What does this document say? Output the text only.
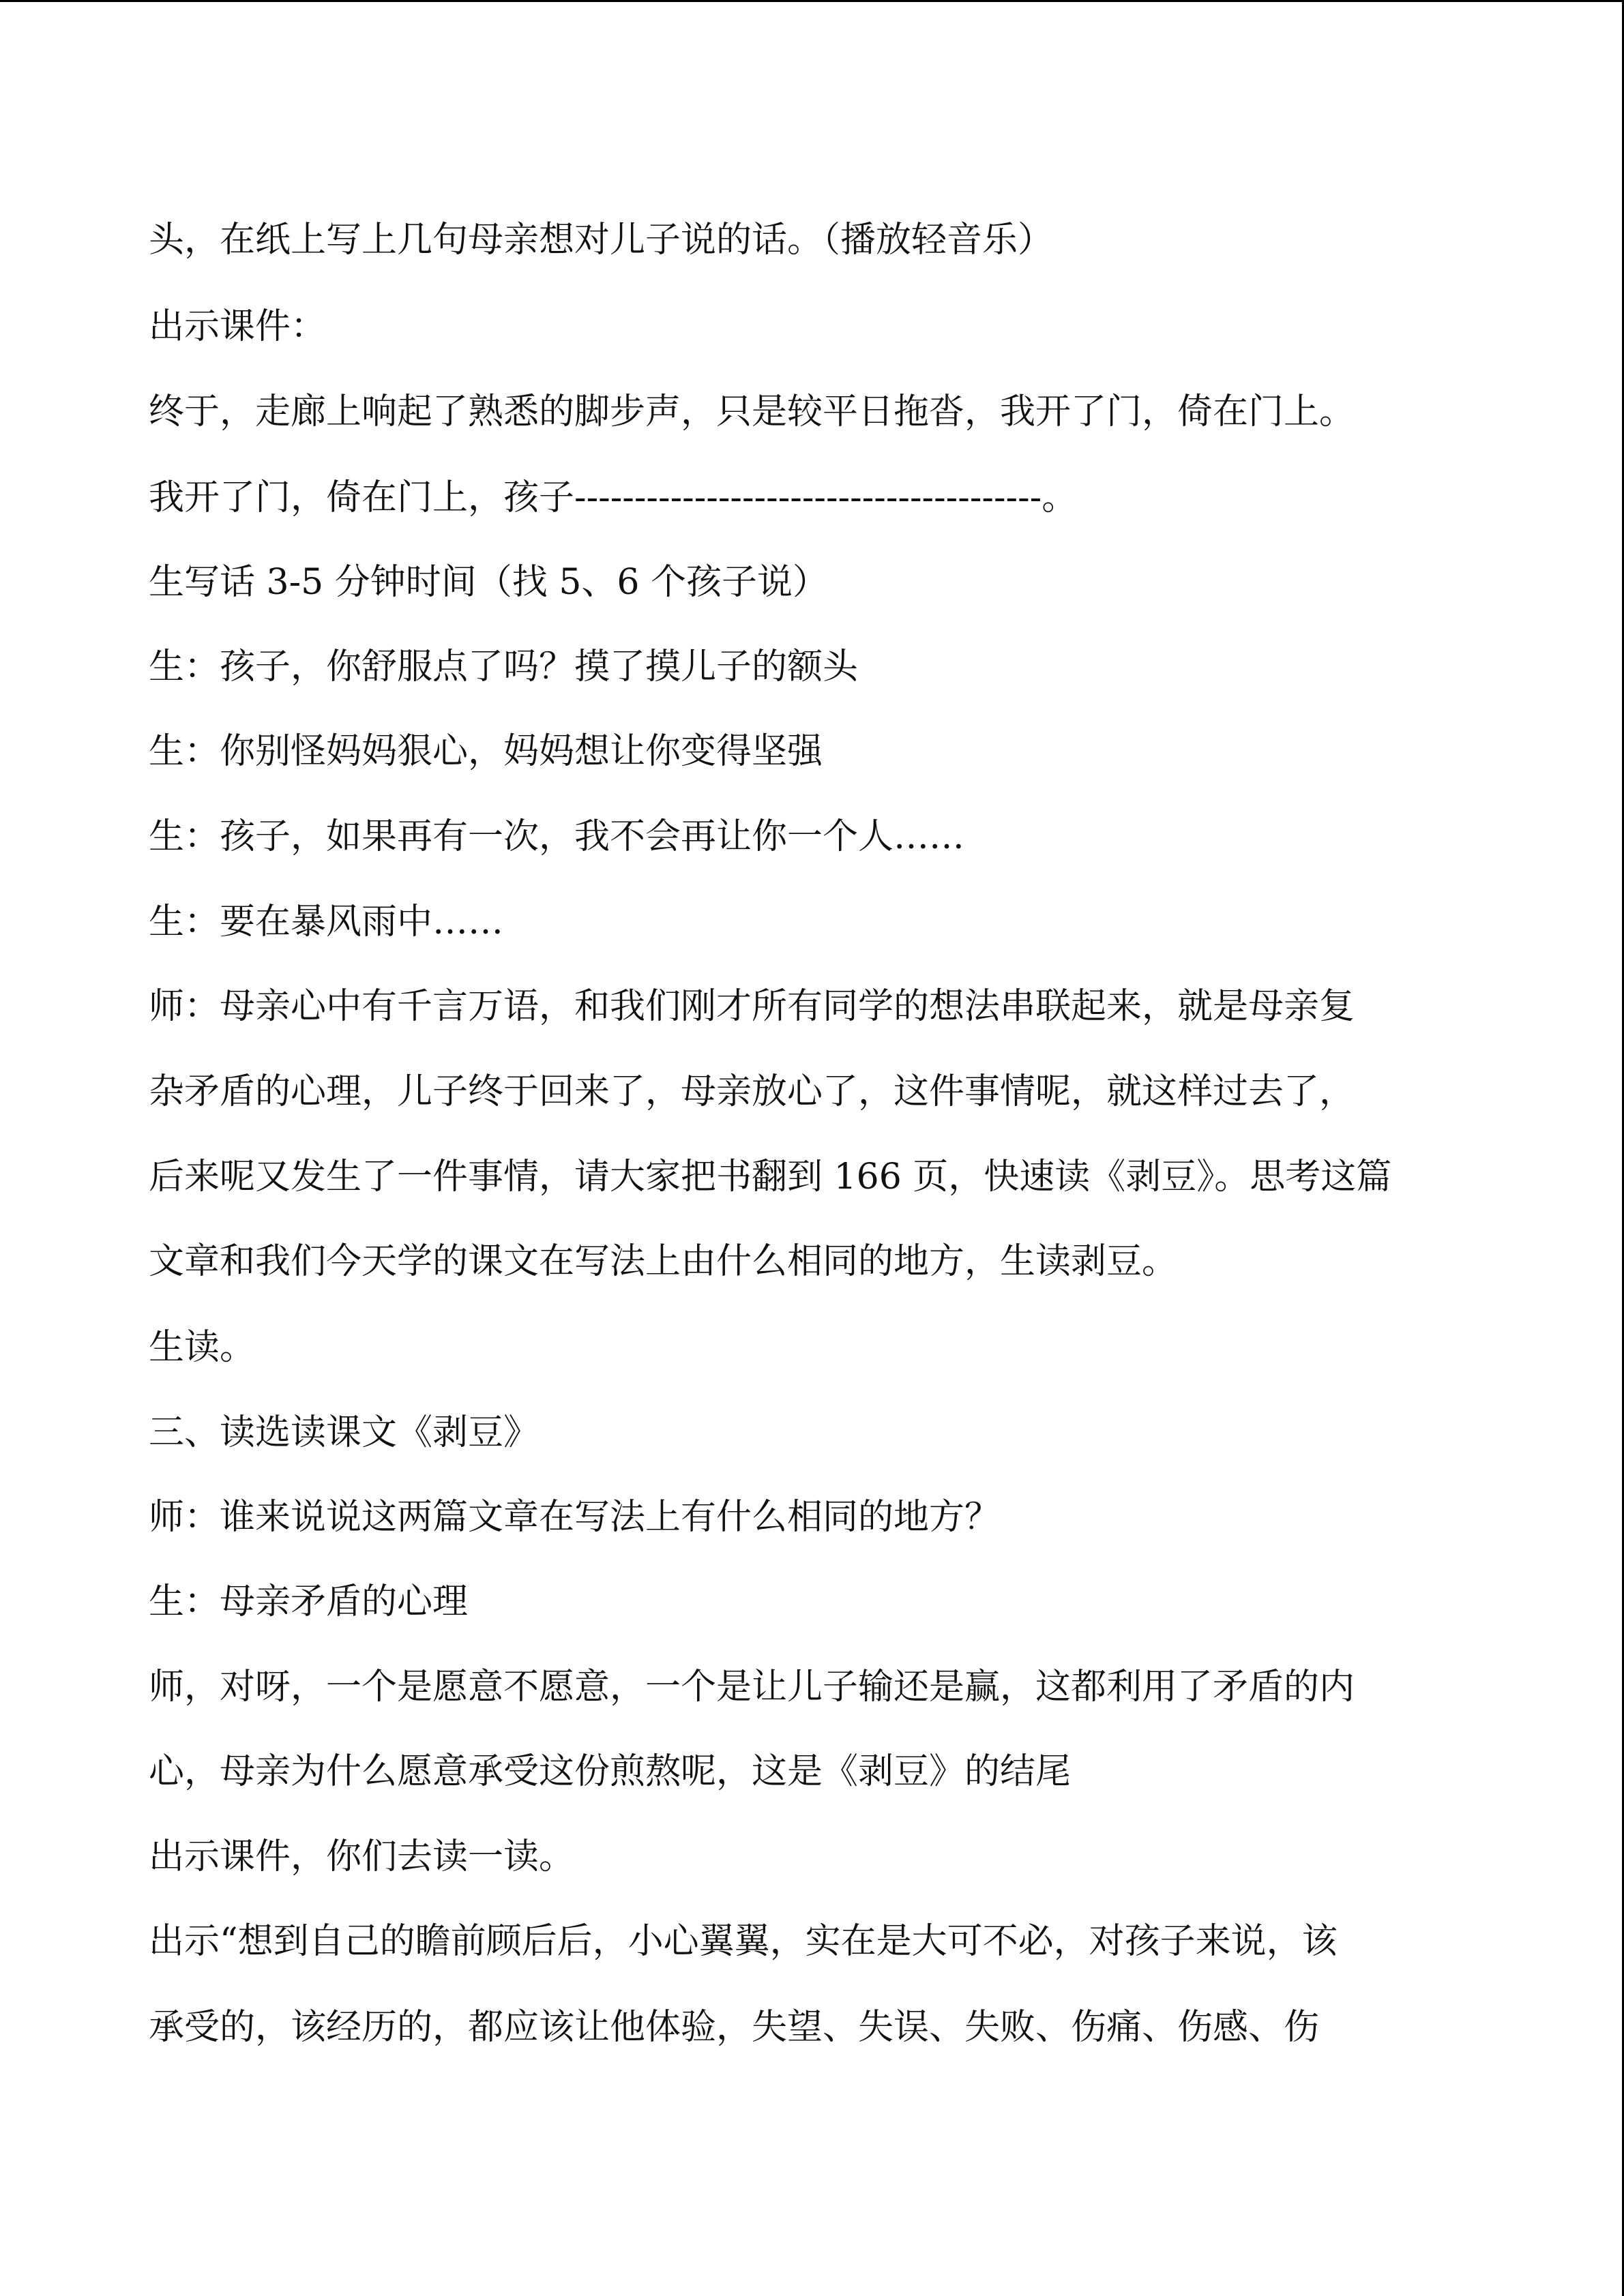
头，在纸上写上几句母亲想对儿子说的话。（播放轻音乐）
出示课件：
终于，走廊上响起了熟悉的脚步声，只是较平日拖沓，我开了门，倚在门上。
我开了门，倚在门上，孩子---------------------------------------。
生写话 3-5 分钟时间（找 5、6 个孩子说）
生：孩子，你舒服点了吗？摸了摸儿子的额头
生：你别怪妈妈狠心，妈妈想让你变得坚强
生：孩子，如果再有一次，我不会再让你一个人……
生：要在暴风雨中……
师：母亲心中有千言万语，和我们刚才所有同学的想法串联起来，就是母亲复
杂矛盾的心理，儿子终于回来了，母亲放心了，这件事情呢，就这样过去了，
后来呢又发生了一件事情，请大家把书翻到 166 页，快速读《剥豆》。思考这篇
文章和我们今天学的课文在写法上由什么相同的地方，生读剥豆。
生读。
三、读选读课文《剥豆》
师：谁来说说这两篇文章在写法上有什么相同的地方？
生：母亲矛盾的心理
师，对呀，一个是愿意不愿意，一个是让儿子输还是赢，这都利用了矛盾的内
心，母亲为什么愿意承受这份煎熬呢，这是《剥豆》的结尾
出示课件，你们去读一读。
出示“想到自己的瞻前顾后后，小心翼翼，实在是大可不必，对孩子来说，该
承受的，该经历的，都应该让他体验，失望、失误、失败、伤痛、伤感、伤
